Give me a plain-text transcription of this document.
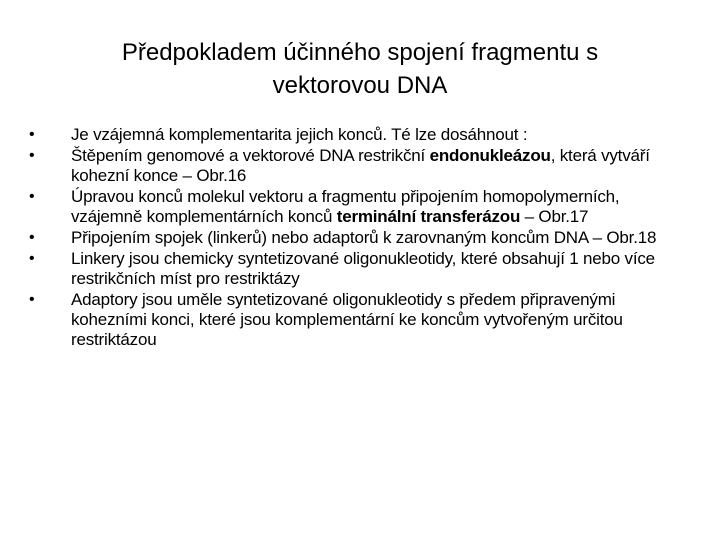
Předpokladem účinného spojení fragmentu s
vektorovou DNA
•	Je vzájemná komplementarita jejich konců. Té lze dosáhnout :
•	Štěpením genomové a vektorové DNA restrikční endonukleázou, která vytváří kohezní konce – Obr.16
•	Úpravou konců molekul vektoru a fragmentu připojením homopolymerních, vzájemně komplementárních konců terminální transferázou – Obr.17
•	Připojením spojek (linkerů) nebo adaptorů k zarovnaným koncům DNA – Obr.18
•	Linkery jsou chemicky syntetizované oligonukleotidy, které obsahují 1 nebo více restrikčních míst pro restriktázy
•	Adaptory jsou uměle syntetizované oligonukleotidy s předem připravenými kohezními konci, které jsou komplementární ke koncům vytvořeným určitou restriktázou
